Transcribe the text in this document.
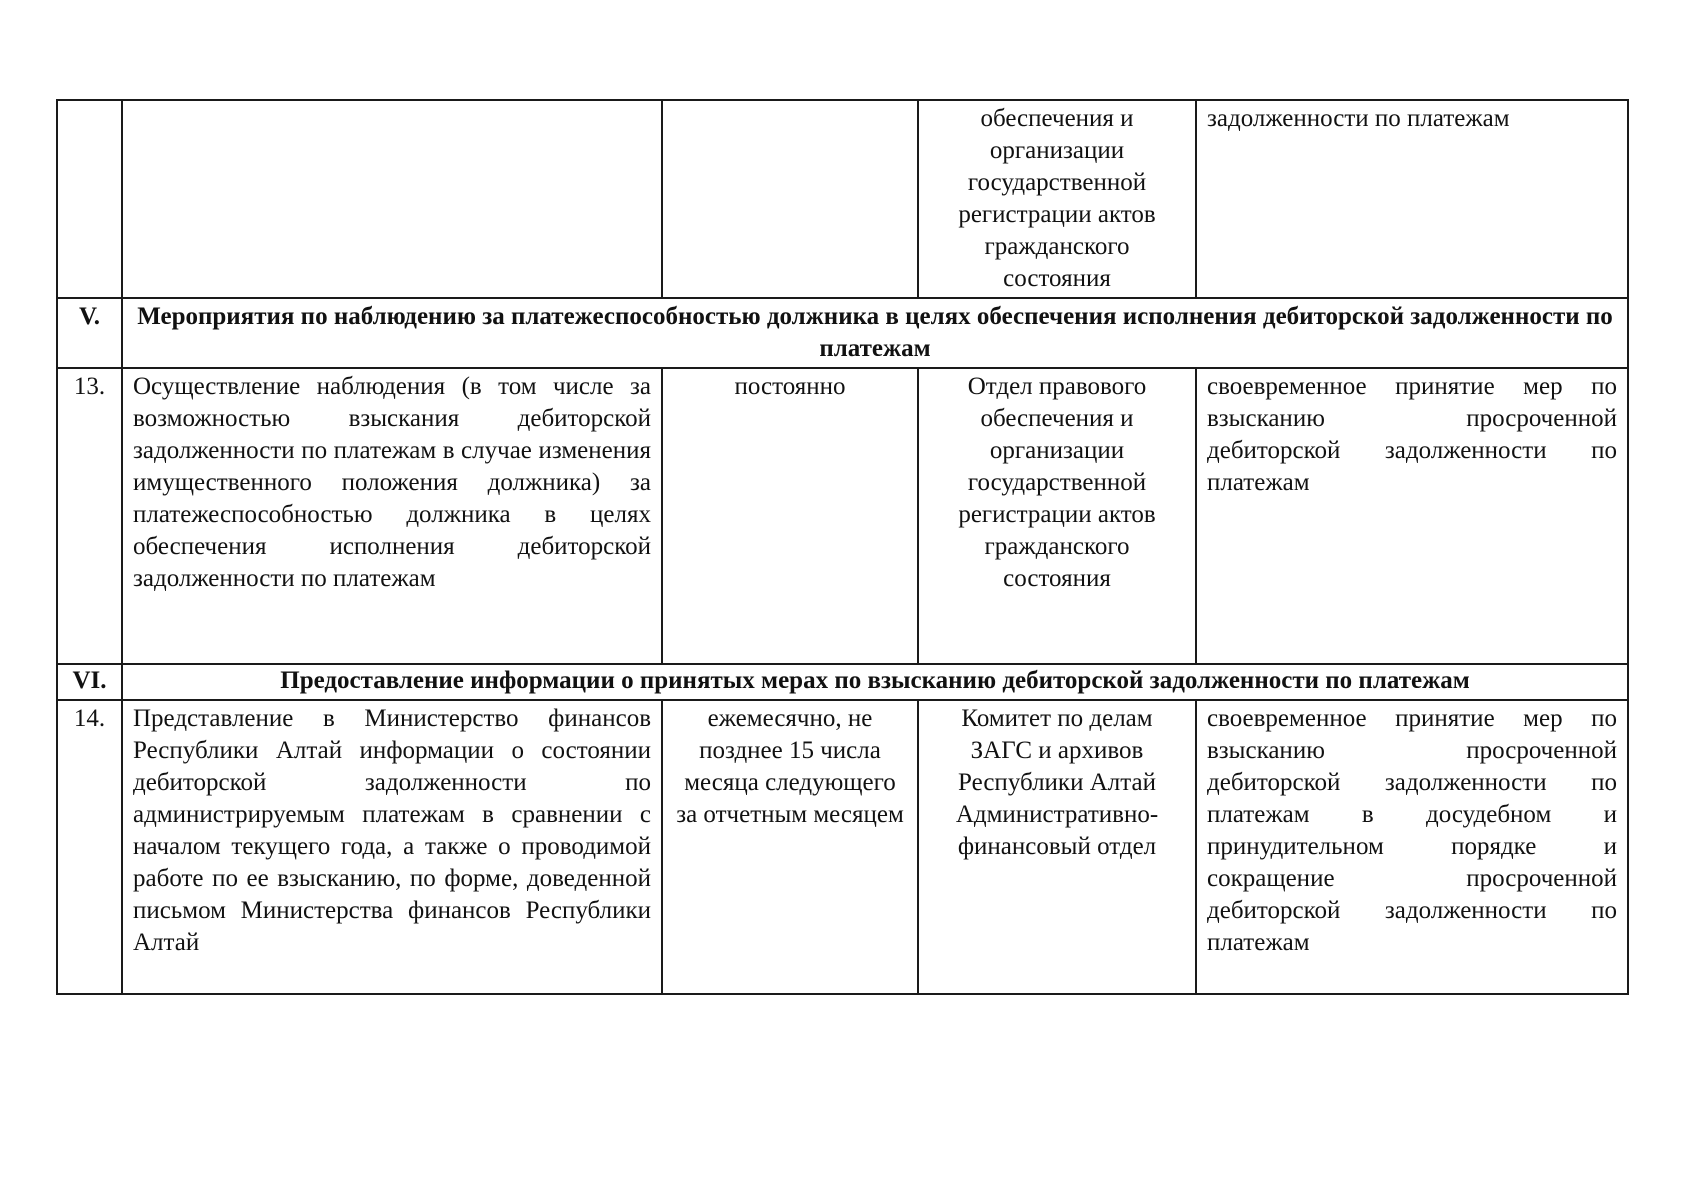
			обеспечения и организации государственной регистрации актов гражданского состояния	задолженности по платежам
V.	Мероприятия по наблюдению за платежеспособностью должника в целях обеспечения исполнения дебиторской задолженности по платежам			
13.	Осуществление наблюдения (в том числе за возможностью взыскания дебиторской задолженности по платежам в случае изменения имущественного положения должника) за платежеспособностью должника в целях обеспечения исполнения дебиторской задолженности по платежам	постоянно	Отдел правового обеспечения и организации государственной регистрации актов гражданского состояния	своевременное принятие мер по взысканию просроченной дебиторской задолженности по платежам
VI.	Предоставление информации о принятых мерах по взысканию дебиторской задолженности по платежам			
14.	Представление в Министерство финансов Республики Алтай информации о состоянии дебиторской задолженности по администрируемым платежам в сравнении с началом текущего года, а также о проводимой работе по ее взысканию, по форме, доведенной письмом Министерства финансов Республики Алтай	ежемесячно, не позднее 15 числа месяца следующего за отчетным месяцем	Комитет по делам ЗАГС и архивов Республики Алтай Административно-финансовый отдел	своевременное принятие мер по взысканию просроченной дебиторской задолженности по платежам в досудебном и принудительном порядке и сокращение просроченной дебиторской задолженности по платежам
